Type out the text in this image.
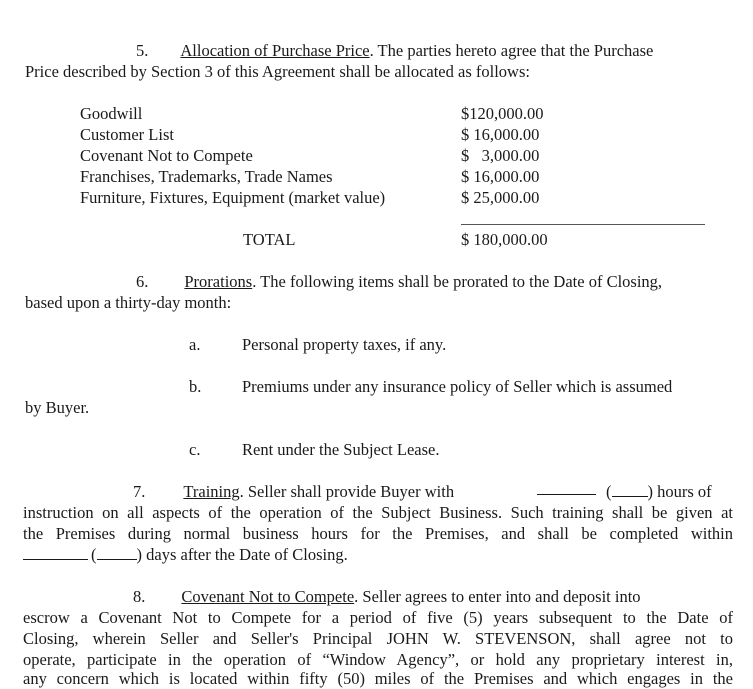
5. Allocation of Purchase Price. The parties hereto agree that the Purchase
Price described by Section 3 of this Agreement shall be allocated as follows:
Goodwill	$120,000.00
Customer List	$ 16,000.00
Covenant Not to Compete	$   3,000.00
Franchises, Trademarks, Trade Names	$ 16,000.00
Furniture, Fixtures, Equipment (market value)	$ 25,000.00
TOTAL	$ 180,000.00
6. Prorations. The following items shall be prorated to the Date of Closing,
based upon a thirty-day month:
a.	Personal property taxes, if any.
b. Premiums under any insurance policy of Seller which is assumed
by Buyer.
c.	Rent under the Subject Lease.
7. Training. Seller shall provide Buyer with	( ) hours of
instruction on all aspects of the operation of the Subject Business. Such training shall be given at
the Premises during normal business hours for the Premises, and shall be completed within
( ) days after the Date of Closing.
8. Covenant Not to Compete. Seller agrees to enter into and deposit into
escrow a Covenant Not to Compete for a period of five (5) years subsequent to the Date of
Closing, wherein Seller and Seller's Principal JOHN W. STEVENSON, shall agree not to
operate, participate in the operation of “Window Agency”, or hold any proprietary interest in,
any concern which is located within fifty (50) miles of the Premises and which engages in the
